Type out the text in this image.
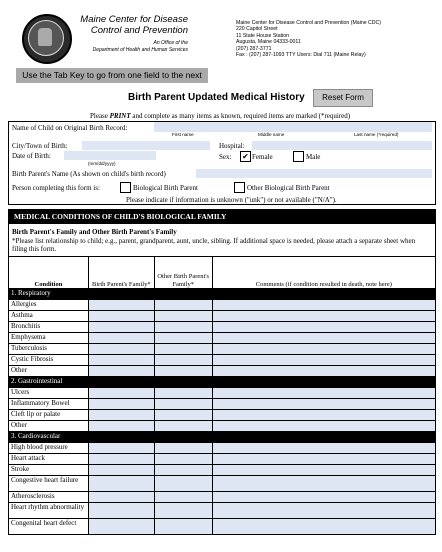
Maine Center for Disease
Control and Prevention
An Office of the
Department of Health and Human Services
Maine Center for Disease Control and Prevention (Maine CDC)
220 Capitol Street
11 State House Station
Augusta, Maine 04333-0011
(207) 287-3771
Fax : (207) 287-1093 TTY Users: Dial 711 (Maine Relay)
Use the Tab Key to go from one field to the next
Birth Parent Updated Medical History	Reset Form
Please PRINT and complete as many items as known, required items are marked (*required)
Name of Child on Original Birth Record:
First name	Middle name	Last name (*required)
City/Town of Birth:	Hospital:
Date of Birth:
(mm/dd/yyyy)
Sex: ✔ Female	Male
Birth Parent's Name (As shown on child's birth record)
Person completing this form is:	Biological Birth Parent	Other Biological Birth Parent
Please indicate if information is unknown ("unk") or not available ("N/A").
MEDICAL CONDITIONS OF CHILD'S BIOLOGICAL FAMILY
Birth Parent's Family and Other Birth Parent's Family
*Please list relationship to child; e.g., parent, grandparent, aunt, uncle, sibling. If additional space is needed, please attach a separate sheet when filing this form.
Condition	Birth Parent's Family*	Other Birth Parent's Family*	Comments (if condition resulted in death, note here)
1. Respiratory			
Allergies			
Asthma			
Bronchitis			
Emphysema			
Tuberculosis			
Cystic Fibrosis			
Other			
2. Gastrointestinal			
Ulcers			
Inflammatory Bowel			
Cleft lip or palate			
Other			
3. Cardiovascular			
High blood pressure			
Heart attack			
Stroke			
Congestive heart failure			
Atherosclerosis			
Heart rhythm abnormality			
Congenital heart defect			
